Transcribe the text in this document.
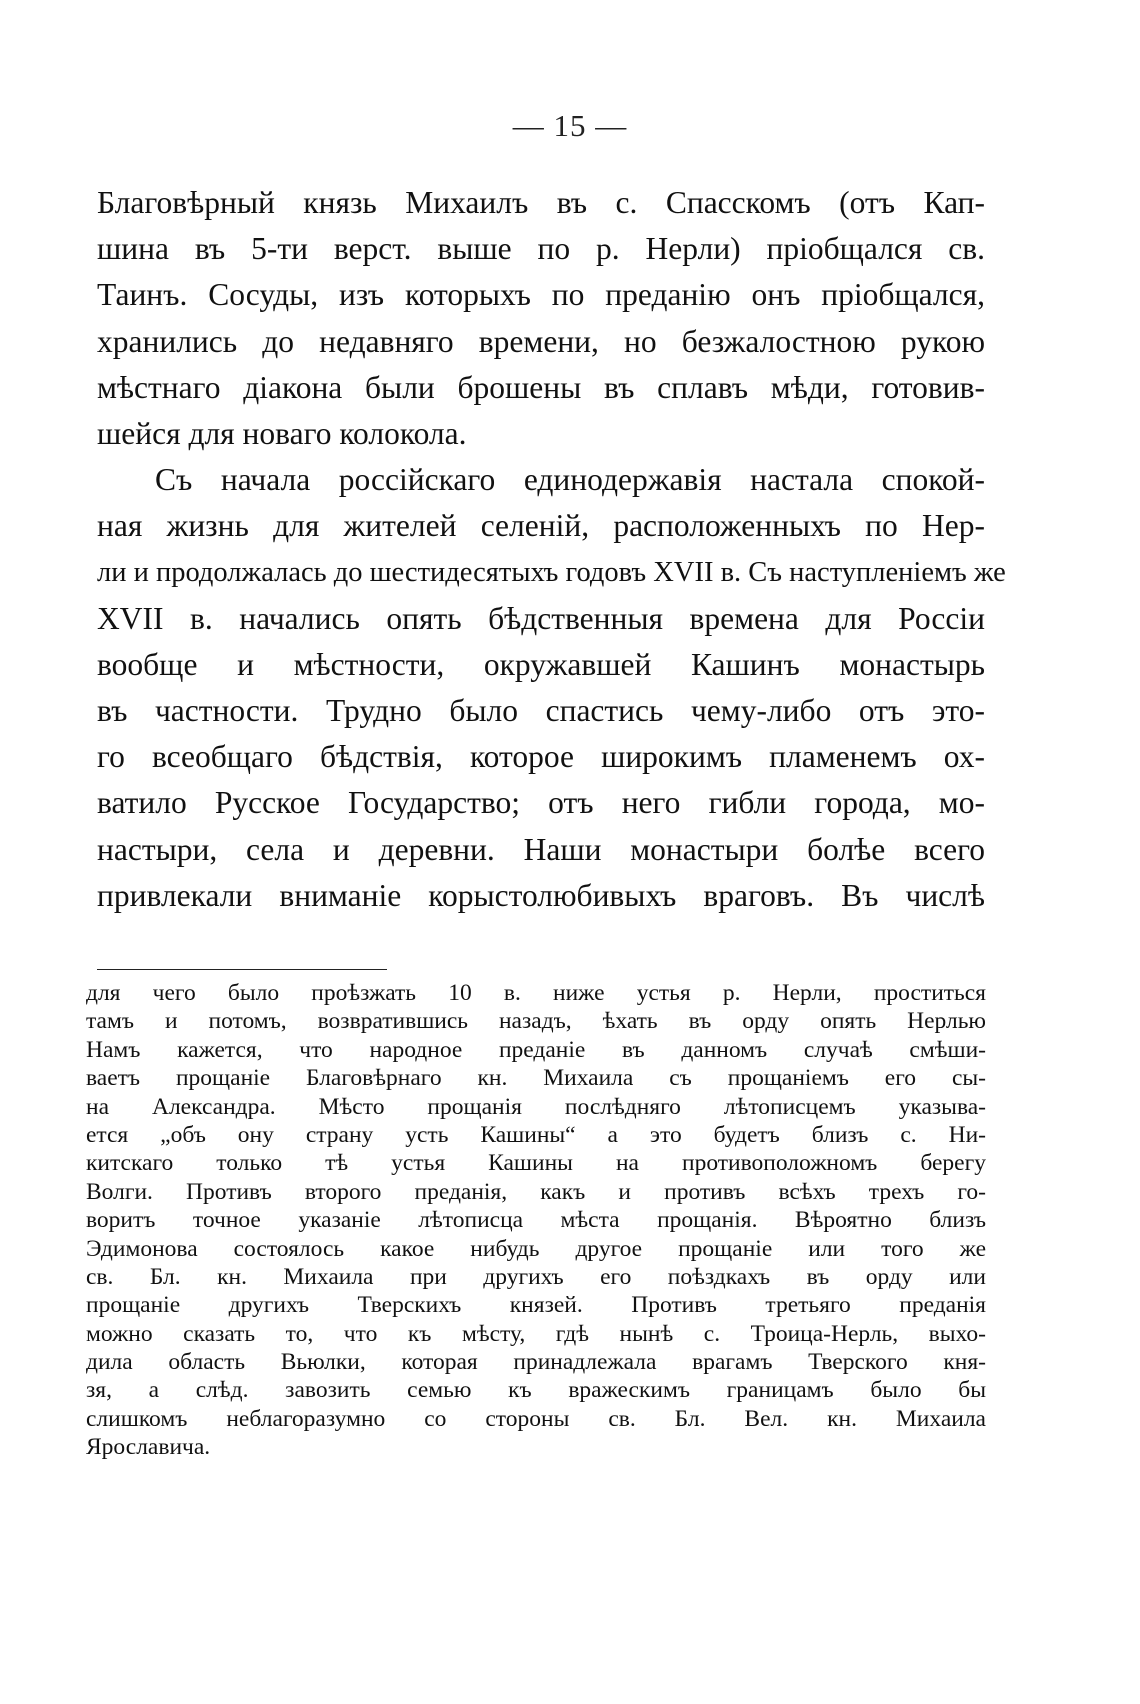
— 15 —
Благовѣрный князь Михаилъ въ с. Спасскомъ (отъ Кап-
шина въ 5-ти верст. выше по р. Нерли) пріобщался св.
Таинъ. Сосуды, изъ которыхъ по преданію онъ пріобщался,
хранились до недавняго времени, но безжалостною рукою
мѣстнаго діакона были брошены въ сплавъ мѣди, готовив-
шейся для новаго колокола.
Съ начала россійскаго единодержавія настала спокой-
ная жизнь для жителей селеній, расположенныхъ по Нер-
ли и продолжалась до шестидесятыхъ годовъ XVII в. Съ наступленіемъ же
XVII в. начались опять бѣдственныя времена для Россіи
вообще и мѣстности, окружавшей Кашинъ монастырь
въ частности. Трудно было спастись чему-либо отъ это-
го всеобщаго бѣдствія, которое широкимъ пламенемъ ох-
ватило Русское Государство; отъ него гибли города, мо-
настыри, села и деревни. Наши монастыри болѣе всего
привлекали вниманіе корыстолюбивыхъ враговъ. Въ числѣ
для чего было проѣзжать 10 в. ниже устья р. Нерли, проститься
тамъ и потомъ, возвратившись назадъ, ѣхать въ орду опять Нерлью
Намъ кажется, что народное преданіе въ данномъ случаѣ смѣши-
ваетъ прощаніе Благовѣрнаго кн. Михаила съ прощаніемъ его сы-
на Александра. Мѣсто прощанія послѣдняго лѣтописцемъ указыва-
ется „объ ону страну усть Кашины“ а это будетъ близъ с. Ни-
китскаго только тѣ устья Кашины на противоположномъ берегу
Волги. Противъ второго преданія, какъ и противъ всѣхъ трехъ го-
воритъ точное указаніе лѣтописца мѣста прощанія. Вѣроятно близъ
Эдимонова состоялось какое нибудь другое прощаніе или того же
св. Бл. кн. Михаила при другихъ его поѣздкахъ въ орду или
прощаніе другихъ Тверскихъ князей. Противъ третьяго преданія
можно сказать то, что къ мѣсту, гдѣ нынѣ с. Троица-Нерль, выхо-
дила область Вьюлки, которая принадлежала врагамъ Тверского кня-
зя, а слѣд. завозить семью къ вражескимъ границамъ было бы
слишкомъ неблагоразумно со стороны св. Бл. Вел. кн. Михаила
Ярославича.
